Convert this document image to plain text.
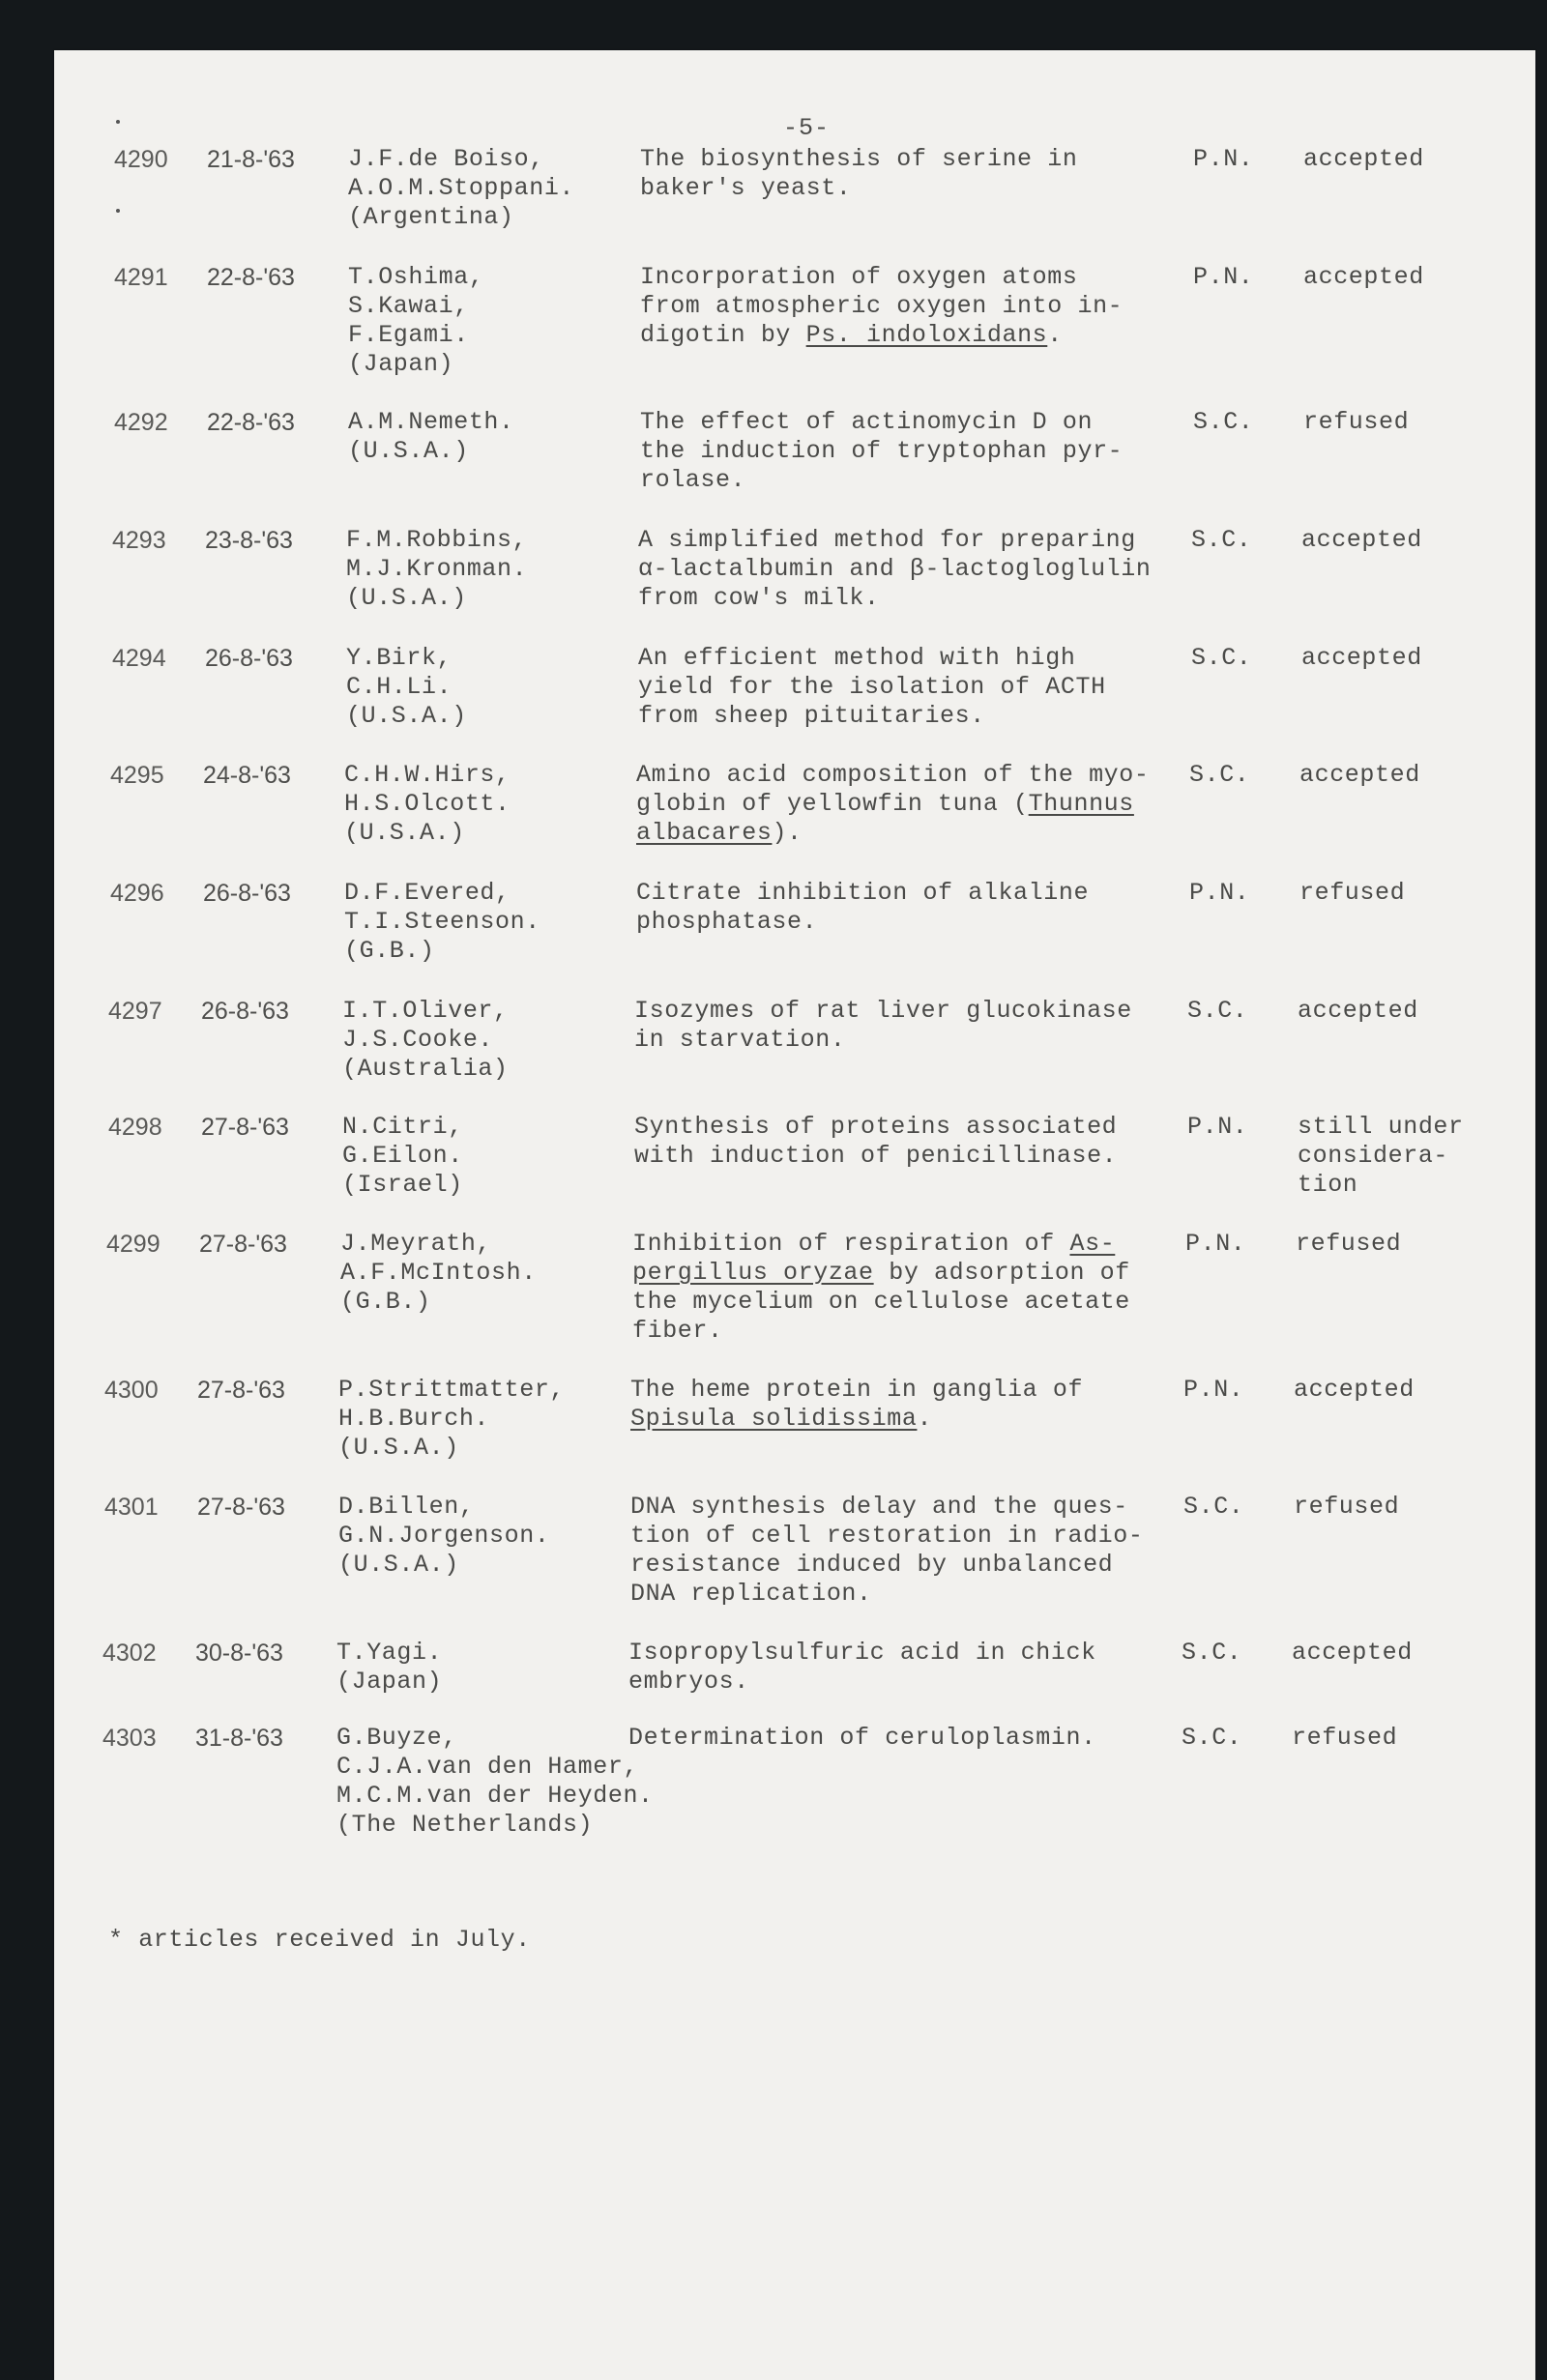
-5-
4290 21-8-'63 J.F.de Boiso,
A.O.M.Stoppani.
(Argentina)
The biosynthesis of serine in
baker's yeast.
P.N. accepted
4291 22-8-'63 T.Oshima,
S.Kawai,
F.Egami.
(Japan)
Incorporation of oxygen atoms
from atmospheric oxygen into in-
digotin by Ps. indoloxidans.
P.N. accepted
4292 22-8-'63 A.M.Nemeth.
(U.S.A.)
The effect of actinomycin D on
the induction of tryptophan pyr-
rolase.
S.C. refused
4293 23-8-'63 F.M.Robbins,
M.J.Kronman.
(U.S.A.)
A simplified method for preparing
α-lactalbumin and β-lactogloglulin
from cow's milk.
S.C. accepted
4294 26-8-'63 Y.Birk,
C.H.Li.
(U.S.A.)
An efficient method with high
yield for the isolation of ACTH
from sheep pituitaries.
S.C. accepted
4295 24-8-'63 C.H.W.Hirs,
H.S.Olcott.
(U.S.A.)
Amino acid composition of the myo-
globin of yellowfin tuna (Thunnus
albacares).
S.C. accepted
4296 26-8-'63 D.F.Evered,
T.I.Steenson.
(G.B.)
Citrate inhibition of alkaline
phosphatase.
P.N. refused
4297 26-8-'63 I.T.Oliver,
J.S.Cooke.
(Australia)
Isozymes of rat liver glucokinase
in starvation.
S.C. accepted
4298 27-8-'63 N.Citri,
G.Eilon.
(Israel)
Synthesis of proteins associated
with induction of penicillinase.
P.N. still under
considera-
tion
4299 27-8-'63 J.Meyrath,
A.F.McIntosh.
(G.B.)
Inhibition of respiration of As-
pergillus oryzae by adsorption of
the mycelium on cellulose acetate
fiber.
P.N. refused
4300 27-8-'63 P.Strittmatter,
H.B.Burch.
(U.S.A.)
The heme protein in ganglia of
Spisula solidissima.
P.N. accepted
4301 27-8-'63 D.Billen,
G.N.Jorgenson.
(U.S.A.)
DNA synthesis delay and the ques-
tion of cell restoration in radio-
resistance induced by unbalanced
DNA replication.
S.C. refused
4302 30-8-'63 T.Yagi.
(Japan)
Isopropylsulfuric acid in chick
embryos.
S.C. accepted
4303 31-8-'63 G.Buyze,
C.J.A.van den Hamer,
M.C.M.van der Heyden.
(The Netherlands)
Determination of ceruloplasmin.	S.C. refused
* articles received in July.
